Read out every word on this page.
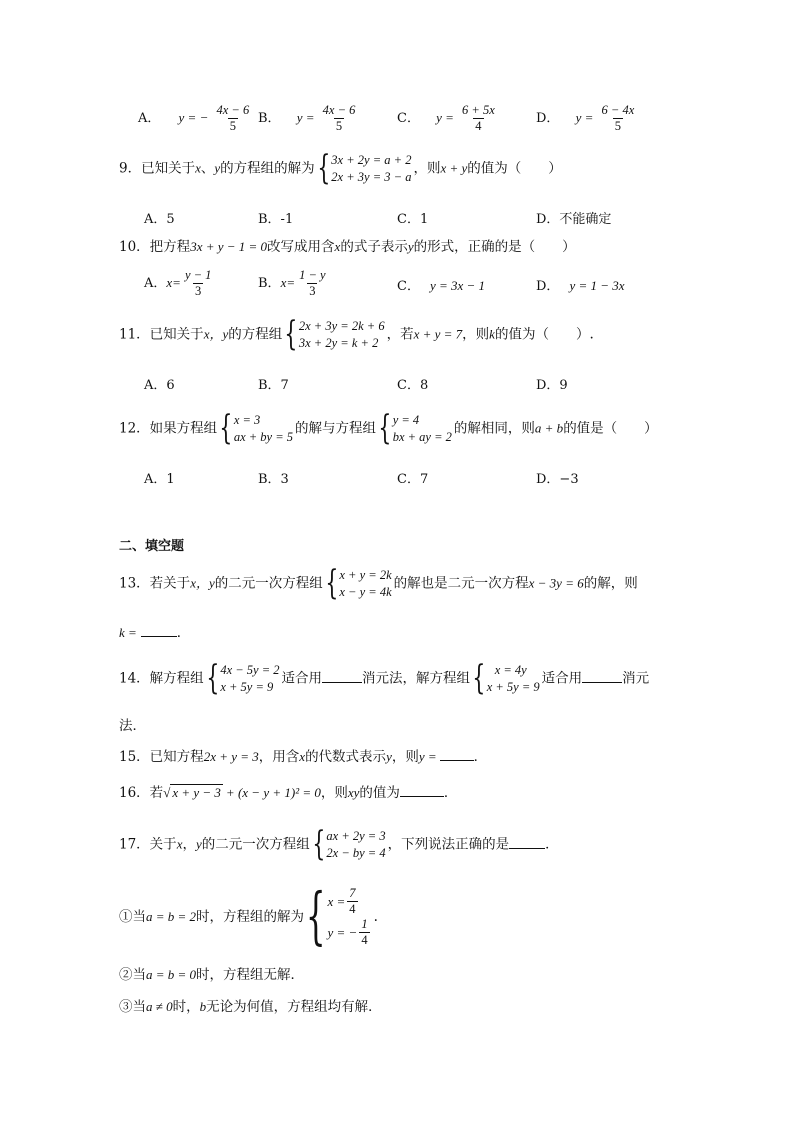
A． y = − $\frac{4x - 6}{5}$ B． $y = \frac{4x - 6}{5}$	C． $y = \frac{6 + 5x}{4}$	D． $y = \frac{6 - 4x}{5}$
9．已知关于x、y的方程组的解为 { 3x + 2y = a + 2
2x + 3y = 3 − a
，则x + y的值为（　　）
A．5	B．-1	C．1	D．不能确定
10．把方程3x + y − 1 = 0改写成用含x的式子表示y的形式，正确的是（　　）
A．$x= \frac{y - 1}{3}$	B．$x= \frac{1 - y}{3}$	C． y = 3x − 1	D． y = 1 − 3x
11．已知关于x，y的方程组 { 2x + 3y = 2k + 6
3x + 2y = k + 2
，若x + y = 7，则k的值为（　　）.
A．6	B．7	C．8	D．9
12．如果方程组 { x = 3
ax + by = 5
的解与方程组 { y = 4
bx + ay = 2
的解相同，则a + b的值是（　　）
A．1	B．3	C．7	D．−3
二、填空题
13．若关于x，y的二元一次方程组 { x + y = 2k
x − y = 4k
的解也是二元一次方程x − 3y = 6的解，则
k =	．
14．解方程组 { 4x − 5y = 2
x + 5y = 9
适合用	消元法，解方程组 { x = 4y
x + 5y = 9
适合用	消元
法．
15．已知方程2x + y = 3，用含x的代数式表示y，则y =	．
16．若√ x + y − 3 + (x − y + 1)² = 0，则xy的值为	．
17．关于x，y的二元一次方程组 { ax + 2y = 3
2x − by = 4
，下列说法正确的是	．
①当 a = b = 2 时，方程组的解为 { $x = \frac{7}{4}$
y = − $\frac{1}{4}$ .
②当a = b = 0时，方程组无解．
③当a ≠ 0时，b无论为何值，方程组均有解．
